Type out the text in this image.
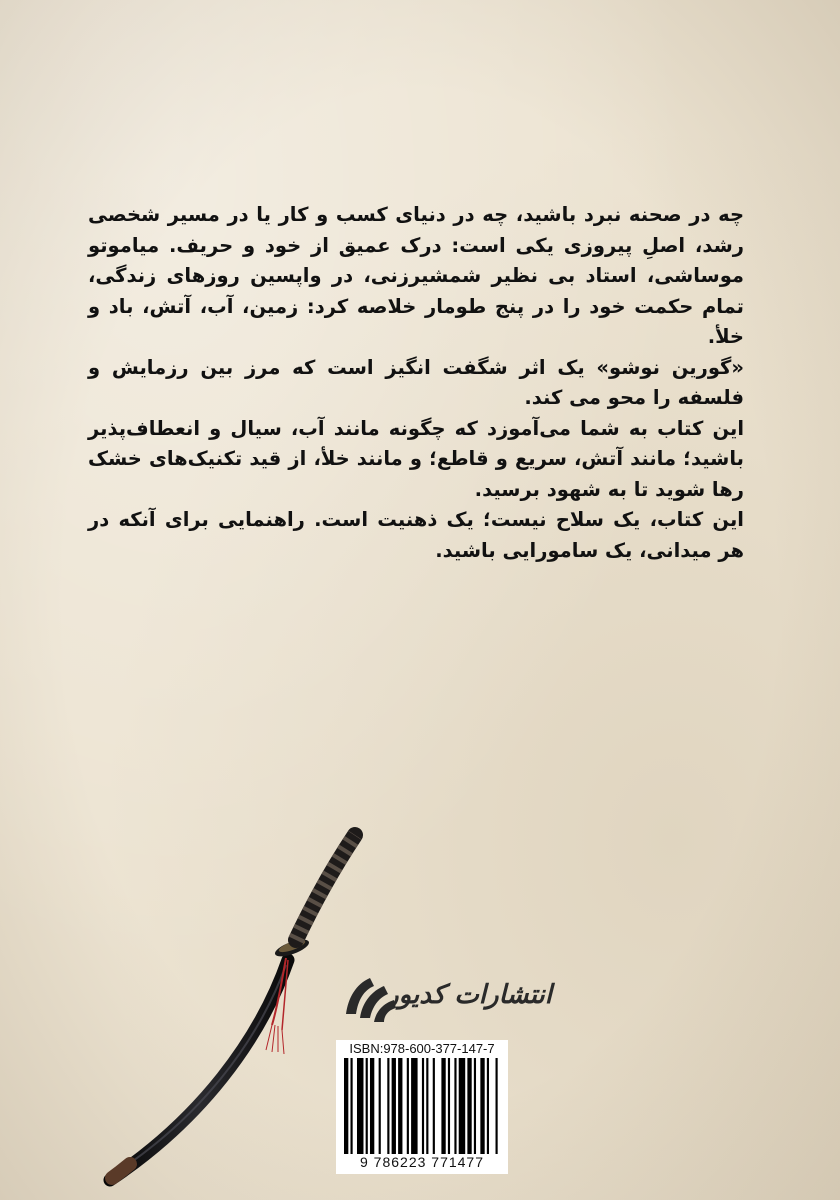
چه در صحنه نبرد باشید، چه در دنیای کسب و کار یا در مسیر شخصی رشد، اصلِ پیروزی یکی است: درک عمیق از خود و حریف. میاموتو موساشی، استاد بی نظیر شمشیرزنی، در واپسین روزهای زندگی، تمام حکمت خود را در پنج طومار خلاصه کرد: زمین، آب، آتش، باد و خلأ.

«گورین نوشو» یک اثر شگفت انگیز است که مرز بین رزمایش و فلسفه را محو می کند.

این کتاب به شما می‌آموزد که چگونه مانند آب، سیال و انعطاف‌پذیر باشید؛ مانند آتش، سریع و قاطع؛ و مانند خلأ، از قید تکنیک‌های خشک رها شوید تا به شهود برسید.

این کتاب، یک سلاح نیست؛ یک ذهنیت است. راهنمایی برای آنکه در هر میدانی، یک سامورایی باشید.

انتشارات کدیور
ISBN:978-600-377-147-7
9 786223 771477
